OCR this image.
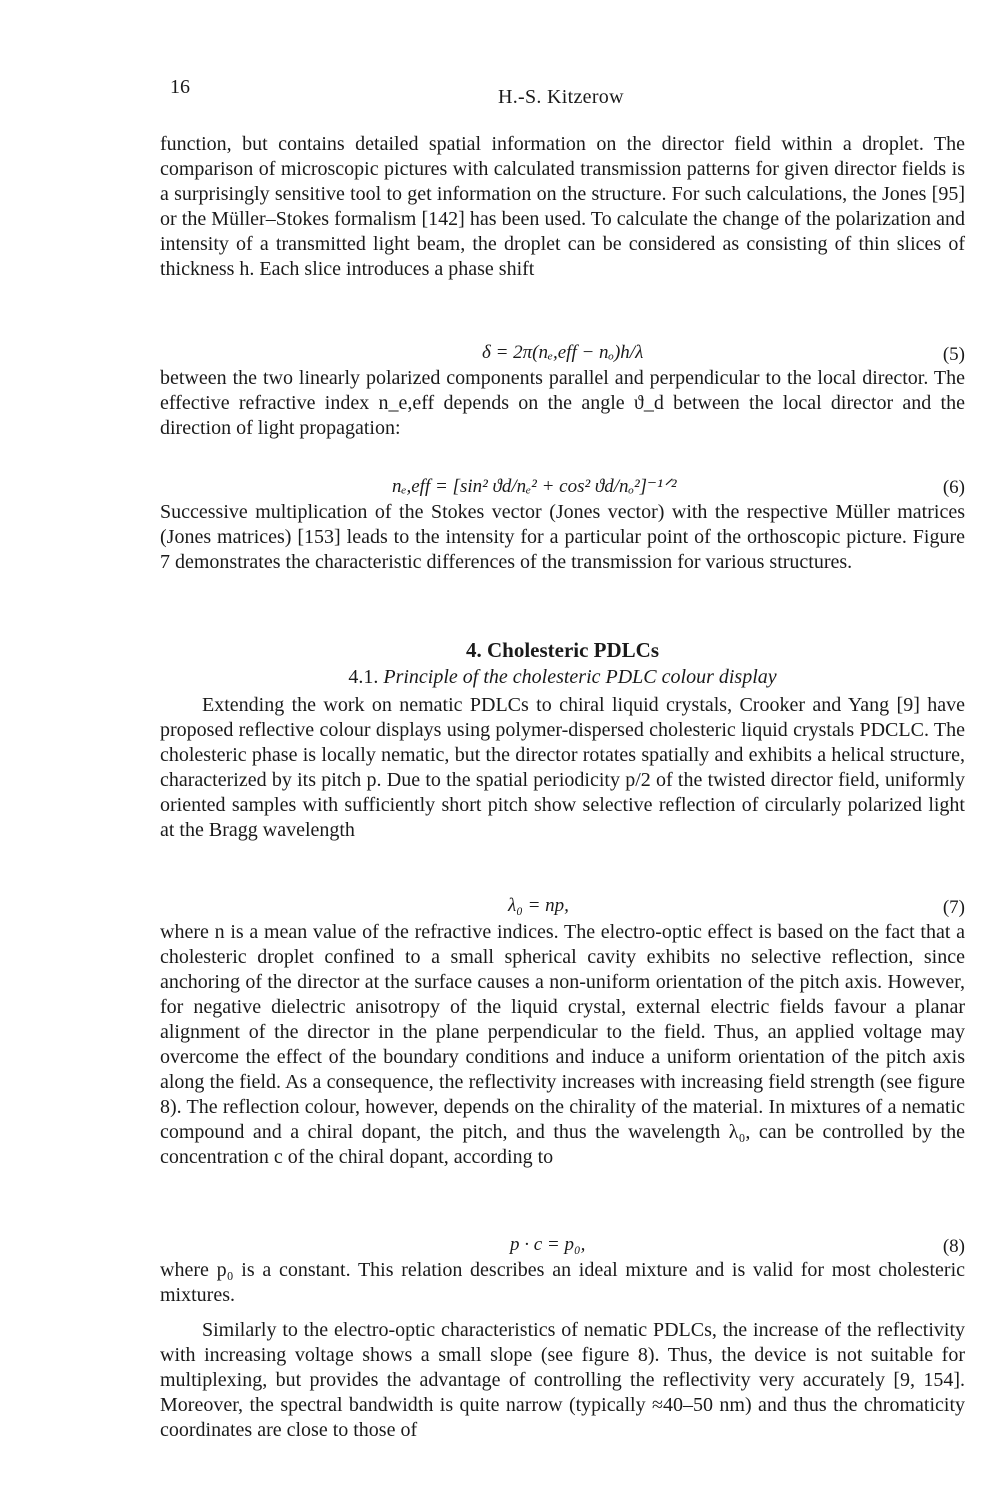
16	H.-S. Kitzerow

function, but contains detailed spatial information on the director field within a droplet. The comparison of microscopic pictures with calculated transmission patterns for given director fields is a surprisingly sensitive tool to get information on the structure. For such calculations, the Jones [95] or the Müller–Stokes formalism [142] has been used. To calculate the change of the polarization and intensity of a transmitted light beam, the droplet can be considered as consisting of thin slices of thickness h. Each slice introduces a phase shift

δ = 2π(nₑ,eff − nₒ)h/λ	(5)

between the two linearly polarized components parallel and perpendicular to the local director. The effective refractive index n_e,eff depends on the angle ϑ_d between the local director and the direction of light propagation:

nₑ,eff = [sin² ϑd/nₑ² + cos² ϑd/nₒ²]⁻¹ᐟ²	(6)

Successive multiplication of the Stokes vector (Jones vector) with the respective Müller matrices (Jones matrices) [153] leads to the intensity for a particular point of the orthoscopic picture. Figure 7 demonstrates the characteristic differences of the transmission for various structures.

4. Cholesteric PDLCs
4.1. Principle of the cholesteric PDLC colour display

Extending the work on nematic PDLCs to chiral liquid crystals, Crooker and Yang [9] have proposed reflective colour displays using polymer-dispersed cholesteric liquid crystals PDCLC. The cholesteric phase is locally nematic, but the director rotates spatially and exhibits a helical structure, characterized by its pitch p. Due to the spatial periodicity p/2 of the twisted director field, uniformly oriented samples with sufficiently short pitch show selective reflection of circularly polarized light at the Bragg wavelength

λ₀ = np,	(7)

where n is a mean value of the refractive indices. The electro-optic effect is based on the fact that a cholesteric droplet confined to a small spherical cavity exhibits no selective reflection, since anchoring of the director at the surface causes a non-uniform orientation of the pitch axis. However, for negative dielectric anisotropy of the liquid crystal, external electric fields favour a planar alignment of the director in the plane perpendicular to the field. Thus, an applied voltage may overcome the effect of the boundary conditions and induce a uniform orientation of the pitch axis along the field. As a consequence, the reflectivity increases with increasing field strength (see figure 8). The reflection colour, however, depends on the chirality of the material. In mixtures of a nematic compound and a chiral dopant, the pitch, and thus the wavelength λ₀, can be controlled by the concentration c of the chiral dopant, according to

p · c = p₀,	(8)

where p₀ is a constant. This relation describes an ideal mixture and is valid for most cholesteric mixtures.

Similarly to the electro-optic characteristics of nematic PDLCs, the increase of the reflectivity with increasing voltage shows a small slope (see figure 8). Thus, the device is not suitable for multiplexing, but provides the advantage of controlling the reflectivity very accurately [9, 154]. Moreover, the spectral bandwidth is quite narrow (typically ≈40–50 nm) and thus the chromaticity coordinates are close to those of
